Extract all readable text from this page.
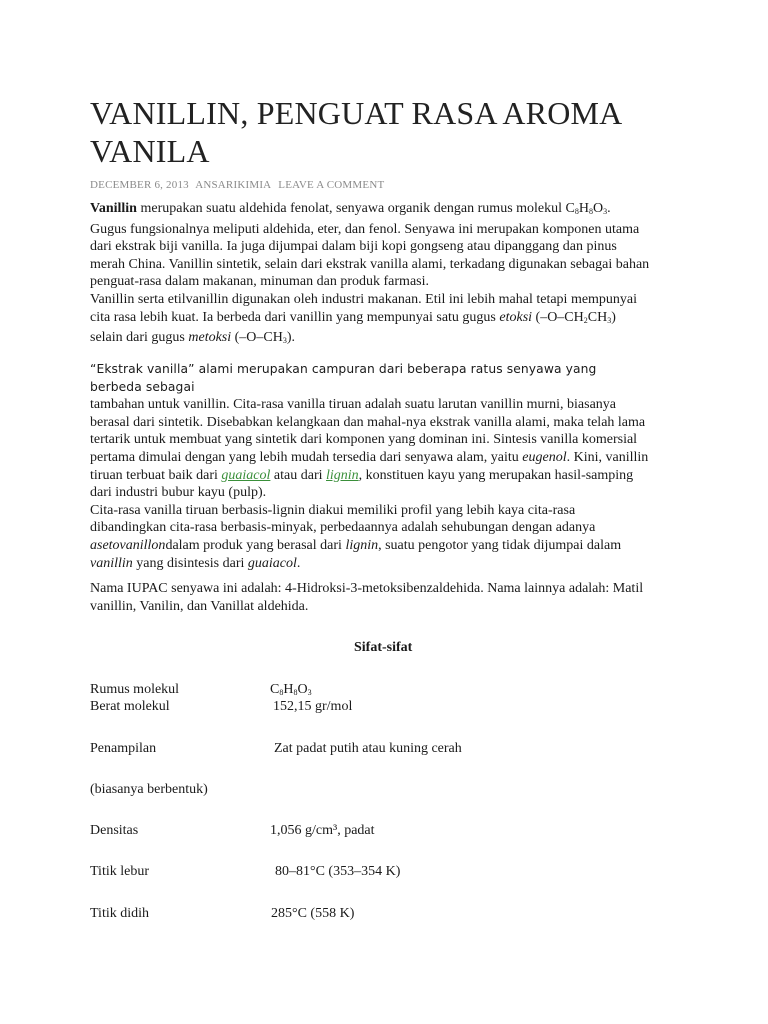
VANILLIN, PENGUAT RASA AROMA
VANILA
DECEMBER 6, 2013 ANSARIKIMIA LEAVE A COMMENT
Vanillin merupakan suatu aldehida fenolat, senyawa organik dengan rumus molekul $C_8H_8O_3$. Gugus fungsionalnya meliputi aldehida, eter, dan fenol. Senyawa ini merupakan komponen utama dari ekstrak biji vanilla. Ia juga dijumpai dalam biji kopi gongseng atau dipanggang dan pinus merah China. Vanillin sintetik, selain dari ekstrak vanilla alami, terkadang digunakan sebagai bahan penguat-rasa dalam makanan, minuman dan produk farmasi.
Vanillin serta etilvanillin digunakan oleh industri makanan. Etil ini lebih mahal tetapi mempunyai cita rasa lebih kuat. Ia berbeda dari vanillin yang mempunyai satu gugus etoksi $(-O-CH_2CH_3)$ selain dari gugus metoksi $(-O-CH_3)$.
“Ekstrak vanilla” alami merupakan campuran dari beberapa ratus senyawa yang berbeda sebagai
tambahan untuk vanillin. Cita-rasa vanilla tiruan adalah suatu larutan vanillin murni, biasanya berasal dari sintetik. Disebabkan kelangkaan dan mahal-nya ekstrak vanilla alami, maka telah lama tertarik untuk membuat yang sintetik dari komponen yang dominan ini. Sintesis vanilla komersial pertama dimulai dengan yang lebih mudah tersedia dari senyawa alam, yaitu eugenol. Kini, vanillin tiruan terbuat baik dari guaiacol atau dari lignin, konstituen kayu yang merupakan hasil-samping dari industri bubur kayu (pulp).
Cita-rasa vanilla tiruan berbasis-lignin diakui memiliki profil yang lebih kaya cita-rasa dibandingkan cita-rasa berbasis-minyak, perbedaannya adalah sehubungan dengan adanya asetovanillondalam produk yang berasal dari lignin, suatu pengotor yang tidak dijumpai dalam vanillin yang disintesis dari guaiacol.
Nama IUPAC senyawa ini adalah: 4-Hidroksi-3-metoksibenzaldehida. Nama lainnya adalah: Matil vanillin, Vanilin, dan Vanillat aldehida.
Sifat-sifat
Rumus molekul	$C_8H_8O_3$
Berat molekul	152,15 gr/mol
Penampilan	Zat padat putih atau kuning cerah
(biasanya berbentuk)
Densitas	1,056 g/cm³, padat
Titik lebur	80–81°C (353–354 K)
Titik didih	285°C (558 K)
